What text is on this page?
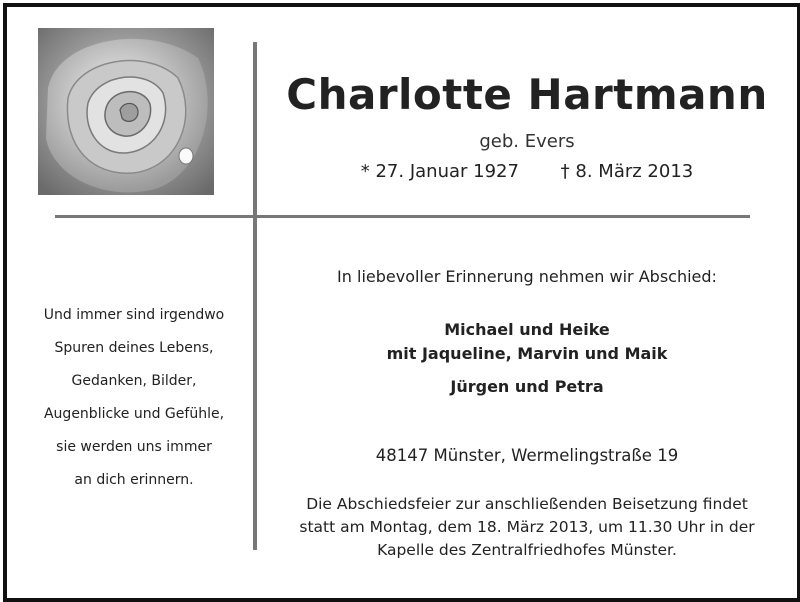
Charlotte Hartmann
geb. Evers
* 27. Januar 1927 † 8. März 2013
In liebevoller Erinnerung nehmen wir Abschied:
Michael und Heike
mit Jaqueline, Marvin und Maik
Jürgen und Petra
48147 Münster, Wermelingstraße 19
Die Abschiedsfeier zur anschließenden Beisetzung findet
statt am Montag, dem 18. März 2013, um 11.30 Uhr in der
Kapelle des Zentralfriedhofes Münster.
Und immer sind irgendwo
Spuren deines Lebens,
Gedanken, Bilder,
Augenblicke und Gefühle,
sie werden uns immer
an dich erinnern.
